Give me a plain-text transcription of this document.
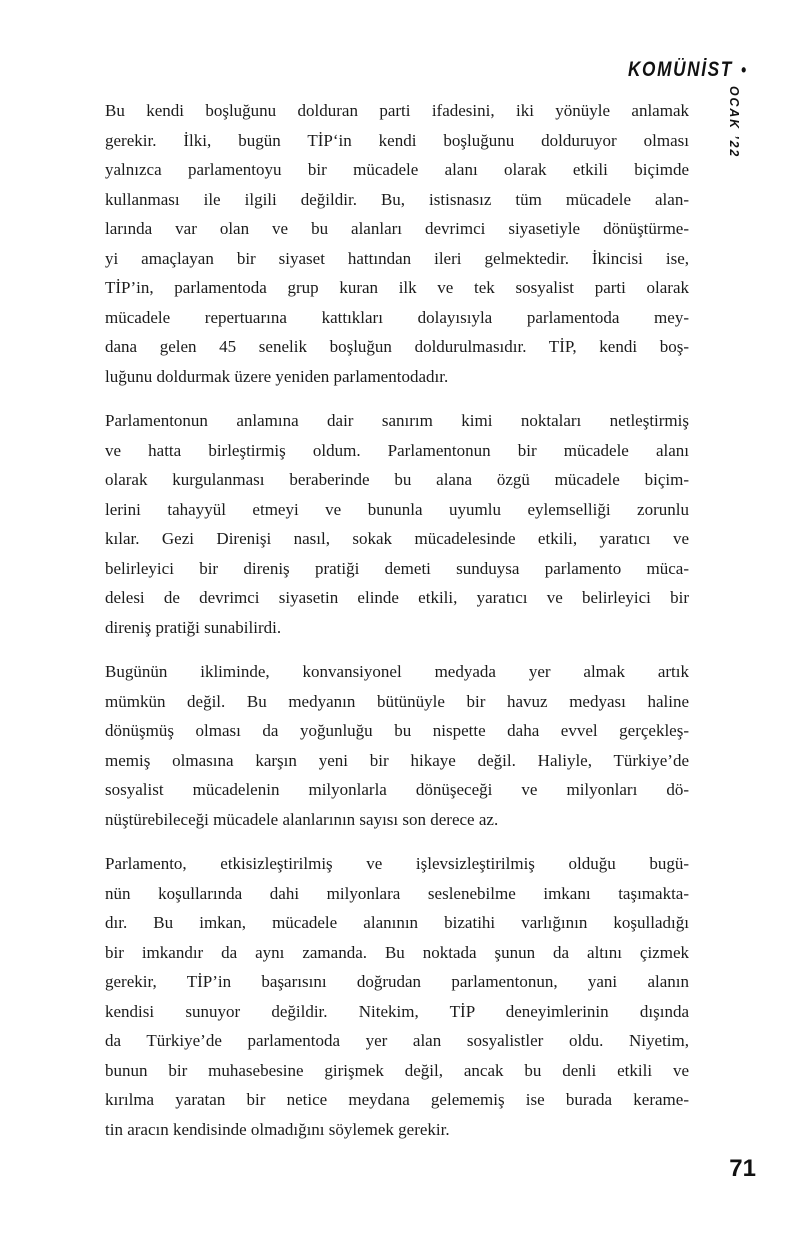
KOMÜNİST •
OCAK ’22

Bu kendi boşluğunu dolduran parti ifadesini, iki yönüyle anlamak
gerekir. İlki, bugün TİP‘in kendi boşluğunu dolduruyor olması
yalnızca parlamentoyu bir mücadele alanı olarak etkili biçimde
kullanması ile ilgili değildir. Bu, istisnasız tüm mücadele alan-
larında var olan ve bu alanları devrimci siyasetiyle dönüştürme-
yi amaçlayan bir siyaset hattından ileri gelmektedir. İkincisi ise,
TİP’in, parlamentoda grup kuran ilk ve tek sosyalist parti olarak
mücadele repertuarına kattıkları dolayısıyla parlamentoda mey-
dana gelen 45 senelik boşluğun doldurulmasıdır. TİP, kendi boş-
luğunu doldurmak üzere yeniden parlamentodadır.

Parlamentonun anlamına dair sanırım kimi noktaları netleştirmiş
ve hatta birleştirmiş oldum. Parlamentonun bir mücadele alanı
olarak kurgulanması beraberinde bu alana özgü mücadele biçim-
lerini tahayyül etmeyi ve bununla uyumlu eylemselliği zorunlu
kılar. Gezi Direnişi nasıl, sokak mücadelesinde etkili, yaratıcı ve
belirleyici bir direniş pratiği demeti sunduysa parlamento müca-
delesi de devrimci siyasetin elinde etkili, yaratıcı ve belirleyici bir
direniş pratiği sunabilirdi.

Bugünün ikliminde, konvansiyonel medyada yer almak artık
mümkün değil. Bu medyanın bütünüyle bir havuz medyası haline
dönüşmüş olması da yoğunluğu bu nispette daha evvel gerçekleş-
memiş olmasına karşın yeni bir hikaye değil. Haliyle, Türkiye’de
sosyalist mücadelenin milyonlarla dönüşeceği ve milyonları dö-
nüştürebileceği mücadele alanlarının sayısı son derece az.

Parlamento, etkisizleştirilmiş ve işlevsizleştirilmiş olduğu bugü-
nün koşullarında dahi milyonlara seslenebilme imkanı taşımakta-
dır. Bu imkan, mücadele alanının bizatihi varlığının koşulladığı
bir imkandır da aynı zamanda. Bu noktada şunun da altını çizmek
gerekir, TİP’in başarısını doğrudan parlamentonun, yani alanın
kendisi sunuyor değildir. Nitekim, TİP deneyimlerinin dışında
da Türkiye’de parlamentoda yer alan sosyalistler oldu. Niyetim,
bunun bir muhasebesine girişmek değil, ancak bu denli etkili ve
kırılma yaratan bir netice meydana gelememiş ise burada kerame-
tin aracın kendisinde olmadığını söylemek gerekir.

71
